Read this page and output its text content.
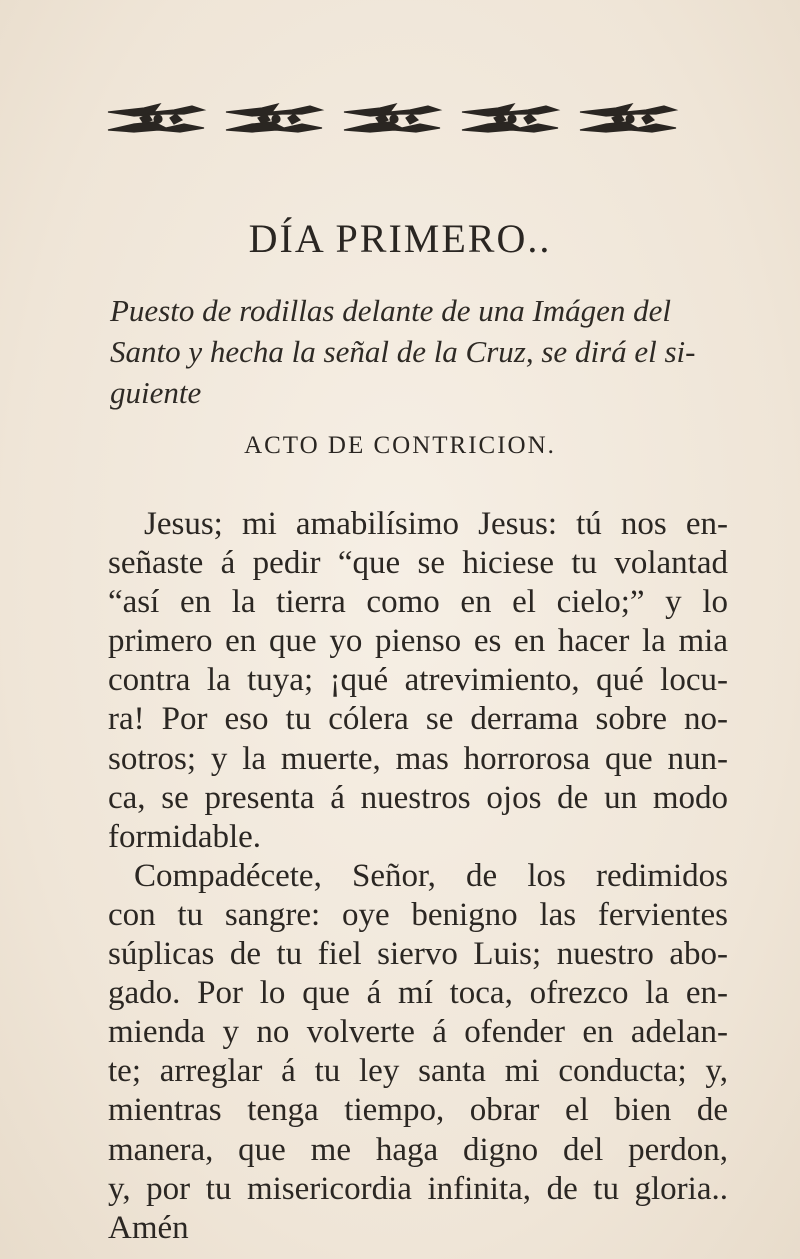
DÍA PRIMERO..
Puesto de rodillas delante de una Imágen del
Santo y hecha la señal de la Cruz, se dirá el si-
guiente
ACTO DE CONTRICION.
Jesus; mi amabilísimo Jesus: tú nos en-
señaste á pedir “que se hiciese tu volantad
“así en la tierra como en el cielo;” y lo
primero en que yo pienso es en hacer la mia
contra la tuya; ¡qué atrevimiento, qué locu-
ra! Por eso tu cólera se derrama sobre no-
sotros; y la muerte, mas horrorosa que nun-
ca, se presenta á nuestros ojos de un modo
formidable.
Compadécete, Señor, de los redimidos
con tu sangre: oye benigno las fervientes
súplicas de tu fiel siervo Luis; nuestro abo-
gado. Por lo que á mí toca, ofrezco la en-
mienda y no volverte á ofender en adelan-
te; arreglar á tu ley santa mi conducta; y,
mientras tenga tiempo, obrar el bien de
manera, que me haga digno del perdon,
y, por tu misericordia infinita, de tu gloria..
Amén
